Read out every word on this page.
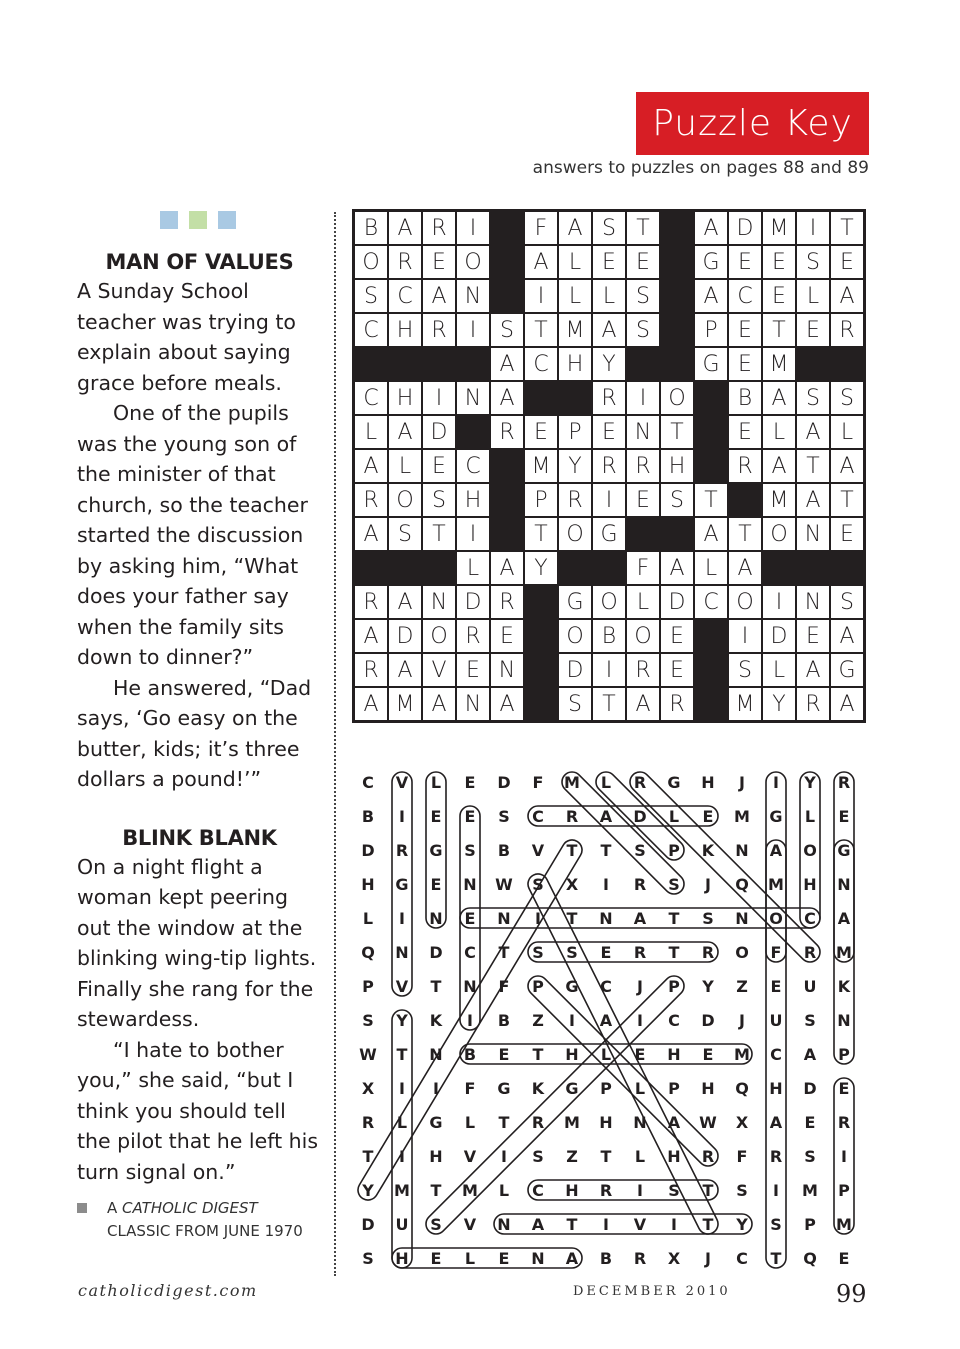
Puzzle Key
answers to puzzles on pages 88 and 89
MAN OF VALUES

A Sunday School teacher was trying to explain about saying grace before meals.

One of the pupils was the young son of the minister of that church, so the teacher started the discussion by asking him, “What does your father say when the family sits down to dinner?”

He answered, “Dad says, ‘Go easy on the butter, kids; it’s three dollars a pound!’”

BLINK BLANK

On a night flight a woman kept peering out the window at the blinking wing-tip lights. Finally she rang for the stewardess.

“I hate to bother you,” she said, “but I think you should tell the pilot that he left his turn signal on.”

A CATHOLIC DIGEST
CLASSIC FROM JUNE 1970
B A R	I	F A S T	A D M I	T
O R E O	A L E E	G E E S E
S C A N	I	L L S	A C E L A
C H R	I	S T M A S	P E T E R
A C H Y	G E M
C H	I	N A	R	I	O	B A S S
L A D	R E P E N T	E L A L
A L E C	M Y R R H	R A T A
R O S H	P R	I	E S T	M A T
A S T	I	T O G	A T O N E
L A Y	F A L A
R A N D R	G O L D C O	I	N S
A D O R E	O B O E	I	D E A
R A V E N	D	I	R E	S L A G
A M A N A	S T A R	M Y R A
C	V	L	E	D	F	M	L	R	G	H	J	I	Y	R
B	I	E	E	S	C	R	A	D	L	E	M	G	L	E
D	R	G	S	B	V	T	T	S	P	K	N	A	O	G
H	G	E	N	W	S	X	I	R	S	J	Q	M	H	N
L	I	N	E	N	I	T	N	A	T	S	N	O	C	A
Q	N	D	C	T	S	S	E	R	T	R	O	F	R	M
P	V	T	N	F	P	G	C	J	P	Y	Z	E	U	K
S	Y	K	I	B	Z	I	A	I	C	D	J	U	S	N
W	T	N	B	E	T	H	L	E	H	E	M	C	A	P
X	I	I	F	G	K	G	P	L	P	H	Q	H	D	E
R	L	G	L	T	R	M	H	N	A	W	X	A	E	R
T	I	H	V	I	S	Z	T	L	H	R	F	R	S	I
Y	M	T	M	L	C	H	R	I	S	T	S	I	M	P
D	U	S	V	N	A	T	I	V	I	T	Y	S	P	M
S	H	E	L	E	N	A	B	R	X	J	C	T	Q	E
catholicdigest.com	DECEMBER 2010	99
